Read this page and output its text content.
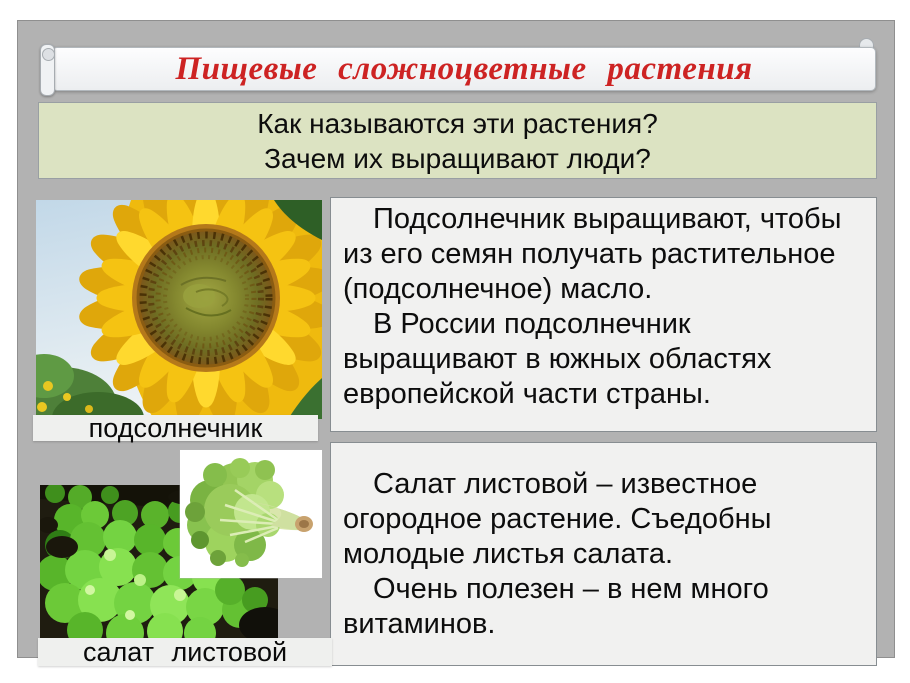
Пищевые сложноцветные растения
Как называются эти растения?
Зачем их выращивают люди?
Подсолнечник выращивают, чтобы
из его семян получать растительное
(подсолнечное) масло.
В России подсолнечник
выращивают в южных областях
европейской части страны.
подсолнечник
Салат листовой – известное
огородное растение. Съедобны
молодые листья салата.
Очень полезен – в нем много
витаминов.
салат листовой
